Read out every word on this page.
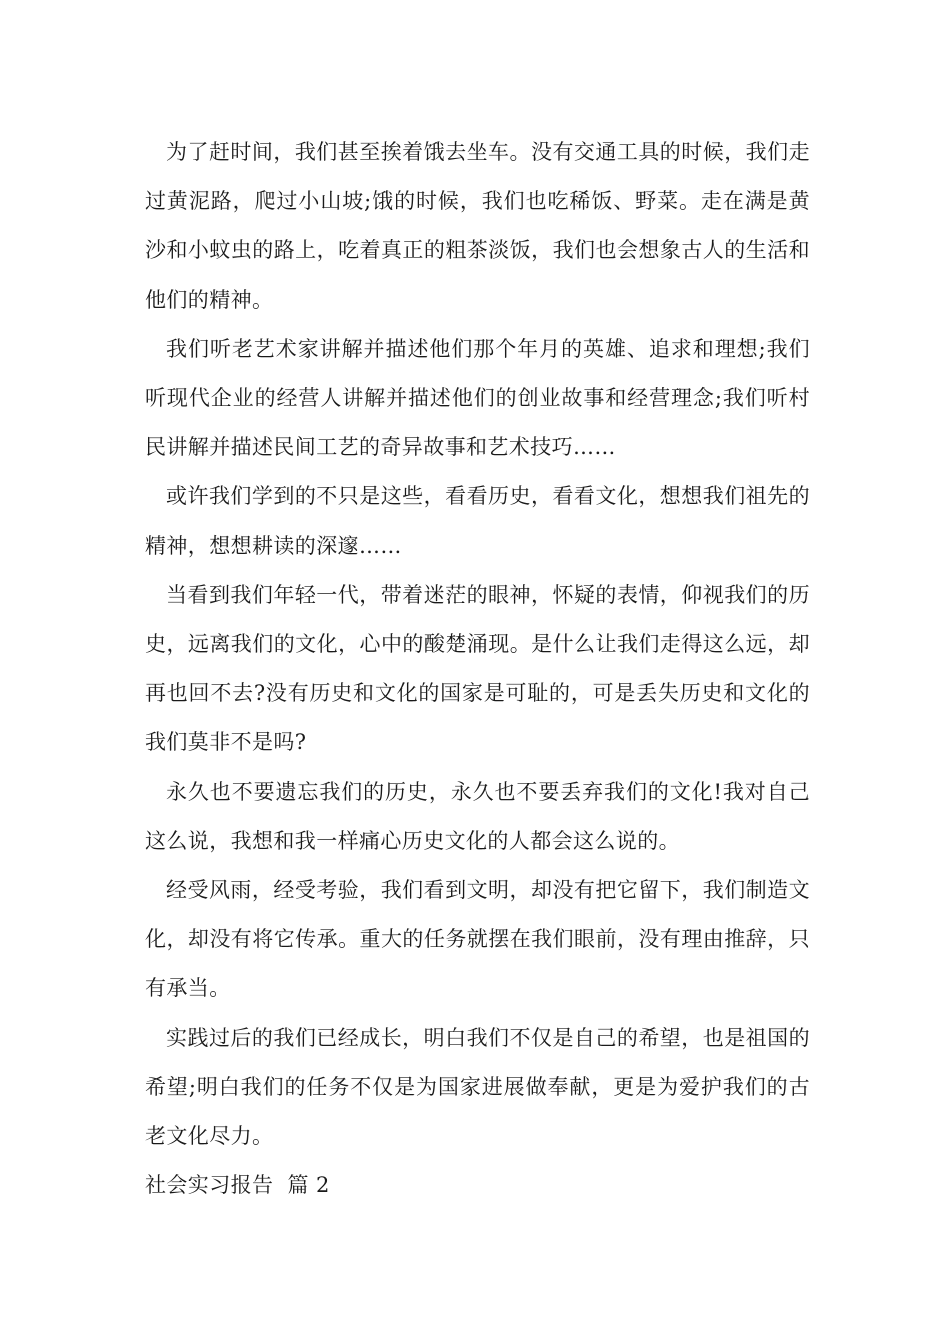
为了赶时间，我们甚至挨着饿去坐车。没有交通工具的时候，我们走过黄泥路，爬过小山坡;饿的时候，我们也吃稀饭、野菜。走在满是黄沙和小蚊虫的路上，吃着真正的粗茶淡饭，我们也会想象古人的生活和他们的精神。

我们听老艺术家讲解并描述他们那个年月的英雄、追求和理想;我们听现代企业的经营人讲解并描述他们的创业故事和经营理念;我们听村民讲解并描述民间工艺的奇异故事和艺术技巧……

或许我们学到的不只是这些，看看历史，看看文化，想想我们祖先的精神，想想耕读的深邃……

当看到我们年轻一代，带着迷茫的眼神，怀疑的表情，仰视我们的历史，远离我们的文化，心中的酸楚涌现。是什么让我们走得这么远，却再也回不去?没有历史和文化的国家是可耻的，可是丢失历史和文化的我们莫非不是吗?

永久也不要遗忘我们的历史，永久也不要丢弃我们的文化!我对自己这么说，我想和我一样痛心历史文化的人都会这么说的。

经受风雨，经受考验，我们看到文明，却没有把它留下，我们制造文化，却没有将它传承。重大的任务就摆在我们眼前，没有理由推辞，只有承当。

实践过后的我们已经成长，明白我们不仅是自己的希望，也是祖国的希望;明白我们的任务不仅是为国家进展做奉献，更是为爱护我们的古老文化尽力。

社会实习报告  篇 2
